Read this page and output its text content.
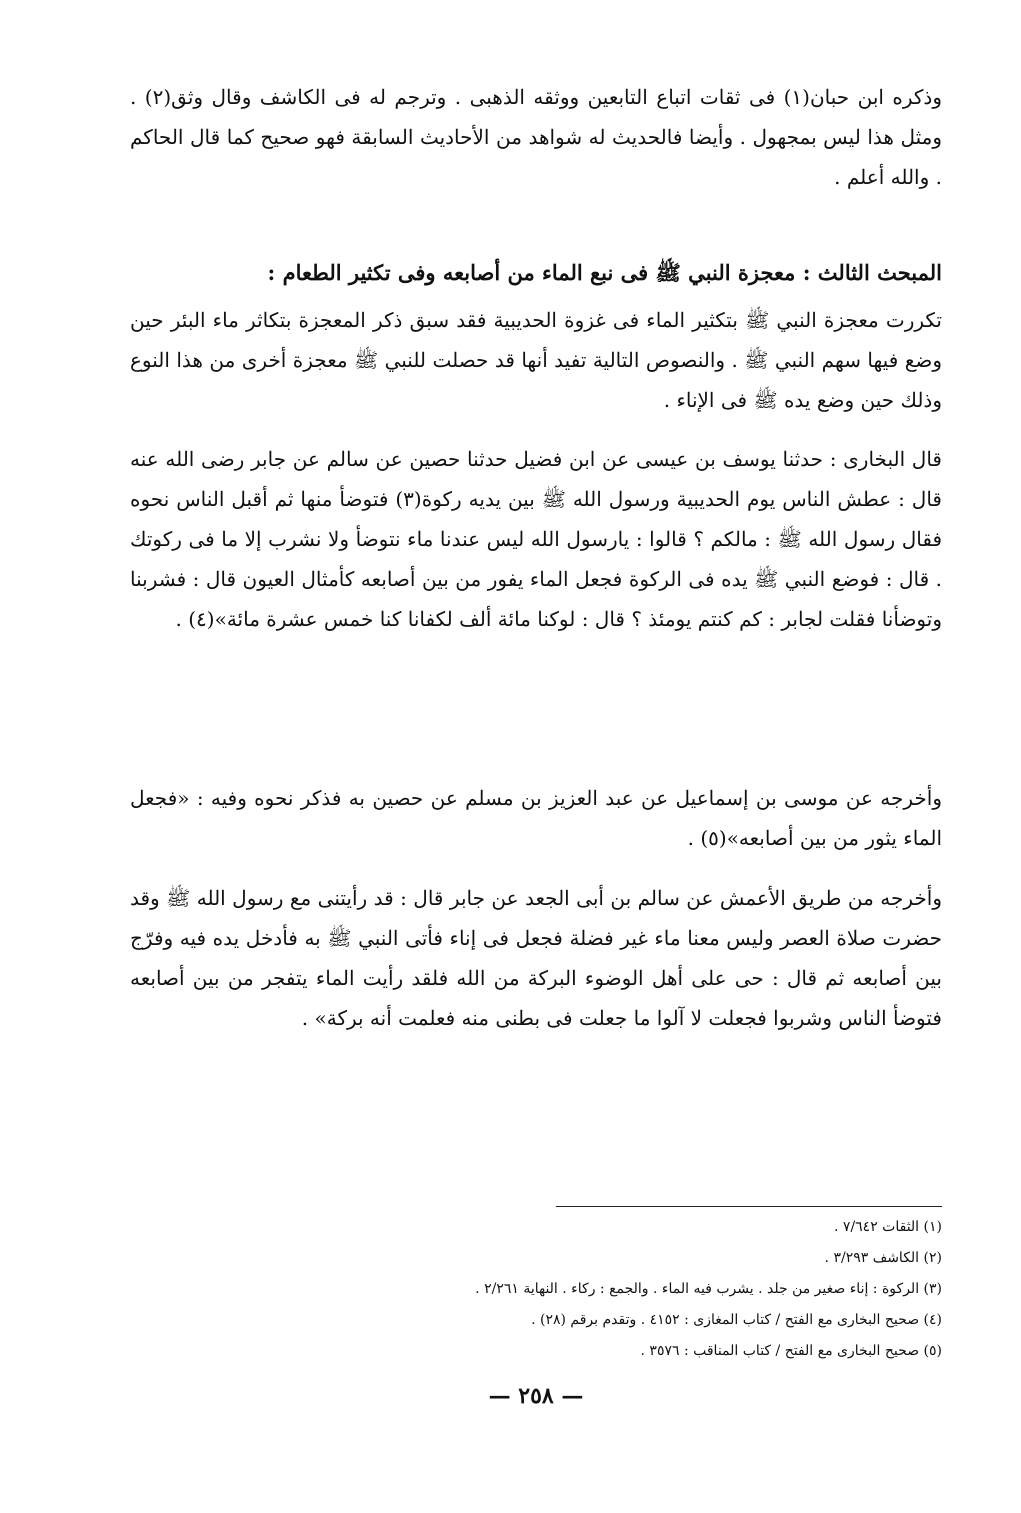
وذكره ابن حبان(١) فى ثقات اتباع التابعين ووثقه الذهبى . وترجم له فى الكاشف وقال وثق(٢) . ومثل هذا ليس بمجهول . وأيضا فالحديث له شواهد من الأحاديث السابقة فهو صحيح كما قال الحاكم . والله أعلم .

المبحث الثالث : معجزة النبي ﷺ فى نبع الماء من أصابعه وفى تكثير الطعام :

تكررت معجزة النبي ﷺ بتكثير الماء فى غزوة الحديبية فقد سبق ذكر المعجزة بتكاثر ماء البئر حين وضع فيها سهم النبي ﷺ . والنصوص التالية تفيد أنها قد حصلت للنبي ﷺ معجزة أخرى من هذا النوع وذلك حين وضع يده ﷺ فى الإناء .

قال البخارى : حدثنا يوسف بن عيسى عن ابن فضيل حدثنا حصين عن سالم عن جابر رضى الله عنه قال : عطش الناس يوم الحديبية ورسول الله ﷺ بين يديه ركوة(٣) فتوضأ منها ثم أقبل الناس نحوه فقال رسول الله ﷺ : مالكم ؟ قالوا : يارسول الله ليس عندنا ماء نتوضأ ولا نشرب إلا ما فى ركوتك . قال : فوضع النبي ﷺ يده فى الركوة فجعل الماء يفور من بين أصابعه كأمثال العيون قال : فشربنا وتوضأنا فقلت لجابر : كم كنتم يومئذ ؟ قال : لوكنا مائة ألف لكفانا كنا خمس عشرة مائة»(٤) .

وأخرجه عن موسى بن إسماعيل عن عبد العزيز بن مسلم عن حصين به فذكر نحوه وفيه : «فجعل الماء يثور من بين أصابعه»(٥) .

وأخرجه من طريق الأعمش عن سالم بن أبى الجعد عن جابر قال : قد رأيتنى مع رسول الله ﷺ وقد حضرت صلاة العصر وليس معنا ماء غير فضلة فجعل فى إناء فأتى النبي ﷺ به فأدخل يده فيه وفرّج بين أصابعه ثم قال : حى على أهل الوضوء البركة من الله فلقد رأيت الماء يتفجر من بين أصابعه فتوضأ الناس وشربوا فجعلت لا آلوا ما جعلت فى بطنى منه فعلمت أنه بركة» .

(١) الثقات ٧/٦٤٢ .
(٢) الكاشف ٣/٢٩٣ .
(٣) الركوة : إناء صغير من جلد . يشرب فيه الماء . والجمع : ركاء . النهاية ٢/٢٦١ .
(٤) صحيح البخارى مع الفتح / كتاب المغازى : ٤١٥٢ . وتقدم برقم (٢٨) .
(٥) صحيح البخارى مع الفتح / كتاب المناقب : ٣٥٧٦ .
— ٢٥٨ —
